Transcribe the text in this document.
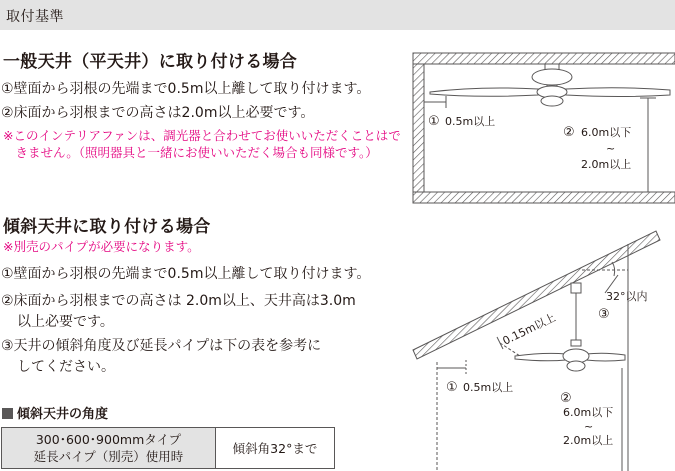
取付基準
一般天井（平天井）に取り付ける場合
①壁面から羽根の先端まで0.5m以上離して取り付けます。
②床面から羽根までの高さは2.0m以上必要です。
※このインテリアファンは、調光器と合わせてお使いいただくことはできません。（照明器具と一緒にお使いいただく場合も同様です。）
傾斜天井に取り付ける場合
※別売のパイプが必要になります。
①壁面から羽根の先端まで0.5m以上離して取り付けます。
②床面から羽根までの高さは 2.0m以上、天井高は3.0m
以上必要です。
③天井の傾斜角度及び延長パイプは下の表を参考に
してください。
傾斜天井の角度
300･600･900mmタイプ
延長パイプ（別売）使用時
	傾斜角32°まで
① 0.5m以上
② 6.0m以下
~
2.0m以上
32°以内
③
0.15m以上
① 0.5m以上
②
6.0m以下
~
2.0m以上
